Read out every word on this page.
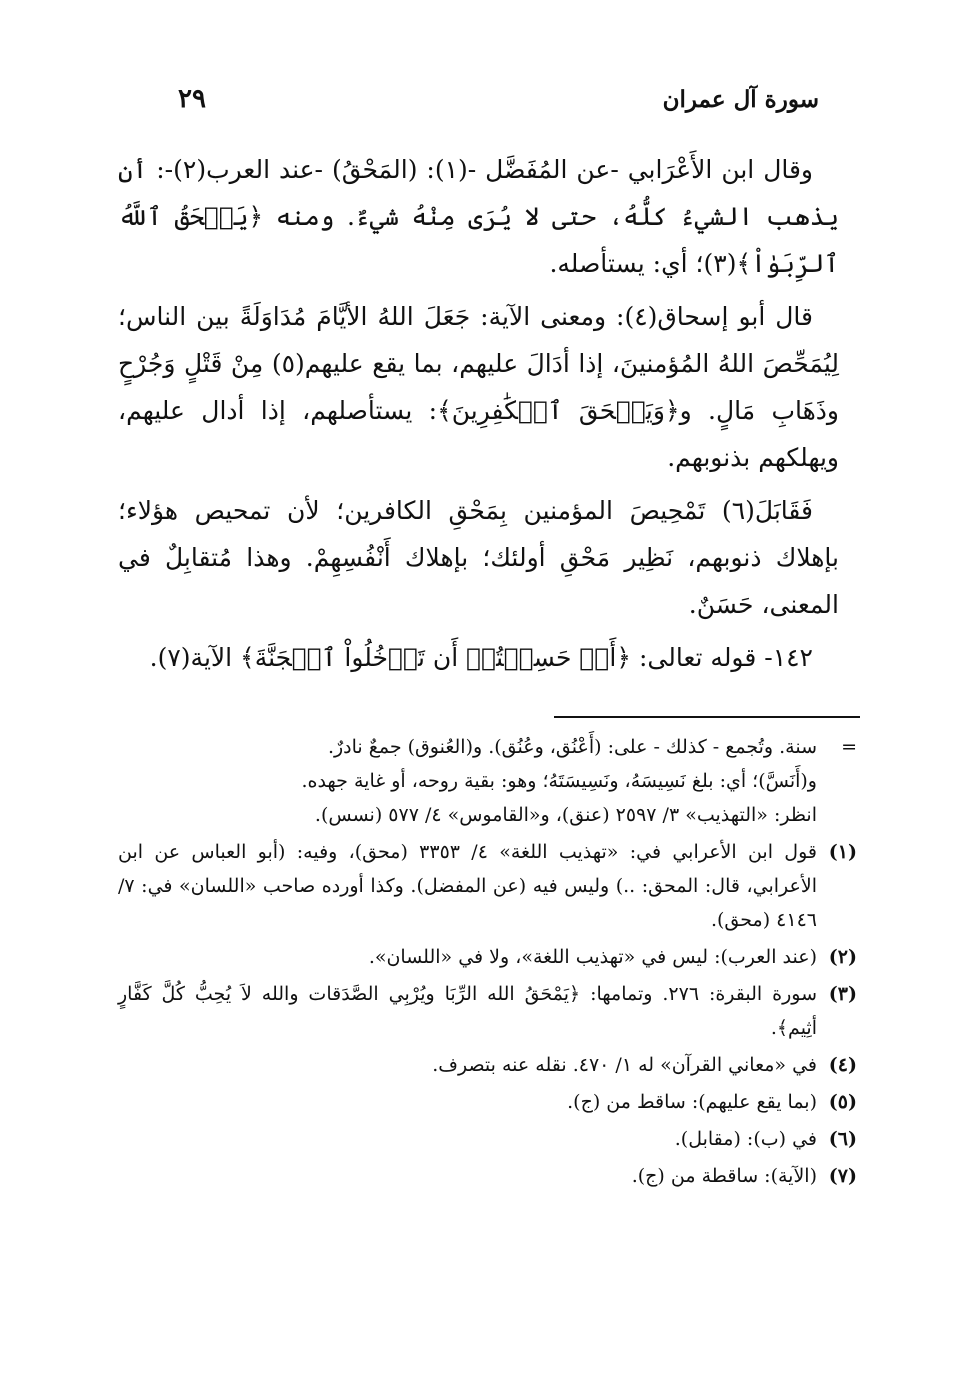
سورة آل عمران
٢٩

وقال ابن الأَعْرَابي -عن المُفَضَّل -(١): (المَحْقُ) -عند العرب(٢)-: أن يذهب الشيءُ كلُّهُ، حتى لا يُرَى مِنْهُ شيءٌ. ومنه ﴿يَمۡحَقُ ٱللَّهُ ٱلرِّبَوٰاْ﴾(٣)؛ أي: يستأصله.

قال أبو إسحاق(٤): ومعنى الآية: جَعَلَ اللهُ الأيَّامَ مُدَاوَلَةً بين الناس؛ لِيُمَحِّصَ اللهُ المُؤمنينَ، إذا أدَالَ عليهم، بما يقع عليهم(٥) مِنْ قَتْلٍ وَجُرْحٍ وذَهَابِ مَالٍ. و﴿وَيَمۡحَقَ ٱلۡكَٰفِرِينَ﴾: يستأصلهم، إذا أدال عليهم، ويهلكهم بذنوبهم.

فَقَابَلَ(٦) تَمْحِيصَ المؤمنين بِمَحْقِ الكافرين؛ لأن تمحيص هؤلاء؛ بإهلاك ذنوبهم، نَظِير مَحْقِ أولئك؛ بإهلاك أَنْفُسِهِمْ. وهذا مُتقابِلٌ في المعنى، حَسَنٌ.

١٤٢- قوله تعالى: ﴿أَمۡ حَسِبۡتُمۡ أَن تَدۡخُلُواْ ٱلۡجَنَّةَ﴾ الآية(٧).

=
سنة. وتُجمع - كذلك - على: (أَعْنُق، وعُنُق). و(العُنوق) جمعٌ نادرٌ.
و(أَنَسَّ)؛ أي: بلغ نَسِيسَهُ، ونَسِيسَتَهُ؛ وهو: بقية روحه، أو غاية جهده.
انظر: «التهذيب» ٣/ ٢٥٩٧ (عنق)، و«القاموس» ٤/ ٥٧٧ (نسس).
(١)
قول ابن الأعرابي في: «تهذيب اللغة» ٤/ ٣٣٥٣ (محق)، وفيه: (أبو العباس عن ابن الأعرابي، قال: المحق: ..) وليس فيه (عن المفضل). وكذا أورده صاحب «اللسان» في: ٧/ ٤١٤٦ (محق).
(٢)
(عند العرب): ليس في «تهذيب اللغة»، ولا في «اللسان».
(٣)
سورة البقرة: ٢٧٦. وتمامها: ﴿يَمْحَقُ الله الرِّبَا ويُرْبِي الصَّدَقات والله لاَ يُحِبُّ كُلَّ كَفَّارٍ أثِيم﴾.
(٤)
في «معاني القرآن» له ١/ ٤٧٠. نقله عنه بتصرف.
(٥)
(بما يقع عليهم): ساقط من (ج).
(٦)
في (ب): (مقابل).
(٧)
(الآية): ساقطة من (ج).
